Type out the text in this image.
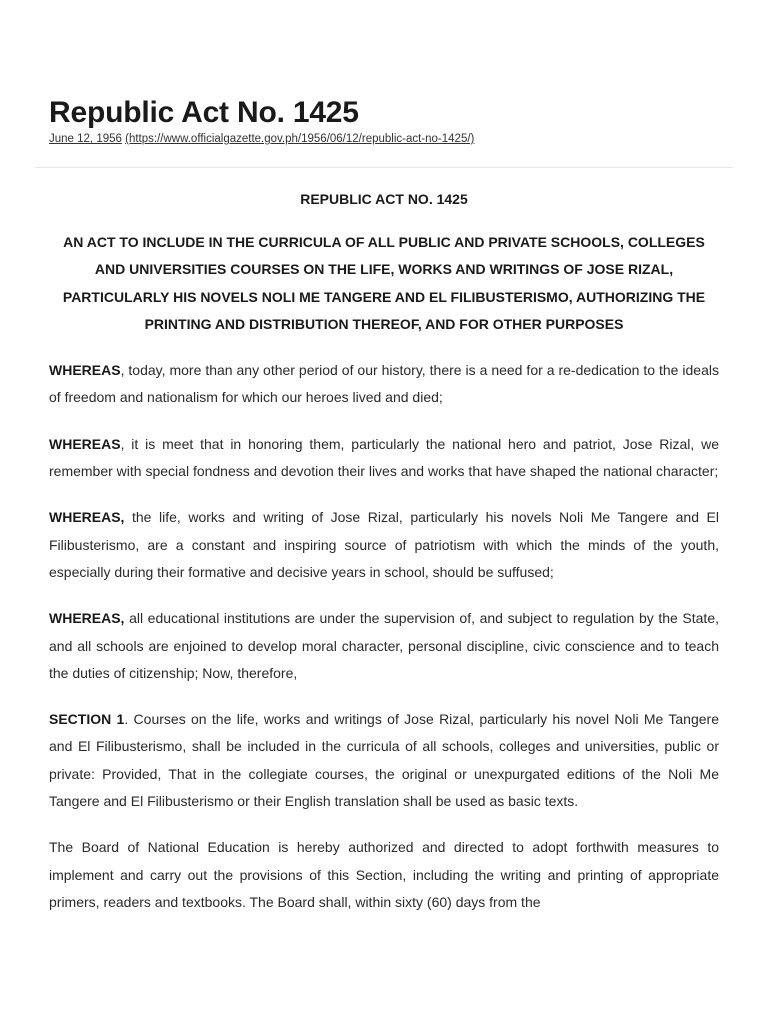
Republic Act No. 1425
June 12, 1956 (https://www.officialgazette.gov.ph/1956/06/12/republic-act-no-1425/)

REPUBLIC ACT NO. 1425

AN ACT TO INCLUDE IN THE CURRICULA OF ALL PUBLIC AND PRIVATE SCHOOLS, COLLEGES AND UNIVERSITIES COURSES ON THE LIFE, WORKS AND WRITINGS OF JOSE RIZAL, PARTICULARLY HIS NOVELS NOLI ME TANGERE AND EL FILIBUSTERISMO, AUTHORIZING THE PRINTING AND DISTRIBUTION THEREOF, AND FOR OTHER PURPOSES

WHEREAS, today, more than any other period of our history, there is a need for a re-dedication to the ideals of freedom and nationalism for which our heroes lived and died;

WHEREAS, it is meet that in honoring them, particularly the national hero and patriot, Jose Rizal, we remember with special fondness and devotion their lives and works that have shaped the national character;

WHEREAS, the life, works and writing of Jose Rizal, particularly his novels Noli Me Tangere and El Filibusterismo, are a constant and inspiring source of patriotism with which the minds of the youth, especially during their formative and decisive years in school, should be suffused;

WHEREAS, all educational institutions are under the supervision of, and subject to regulation by the State, and all schools are enjoined to develop moral character, personal discipline, civic conscience and to teach the duties of citizenship; Now, therefore,

SECTION 1. Courses on the life, works and writings of Jose Rizal, particularly his novel Noli Me Tangere and El Filibusterismo, shall be included in the curricula of all schools, colleges and universities, public or private: Provided, That in the collegiate courses, the original or unexpurgated editions of the Noli Me Tangere and El Filibusterismo or their English translation shall be used as basic texts.

The Board of National Education is hereby authorized and directed to adopt forthwith measures to implement and carry out the provisions of this Section, including the writing and printing of appropriate primers, readers and textbooks. The Board shall, within sixty (60) days from the
